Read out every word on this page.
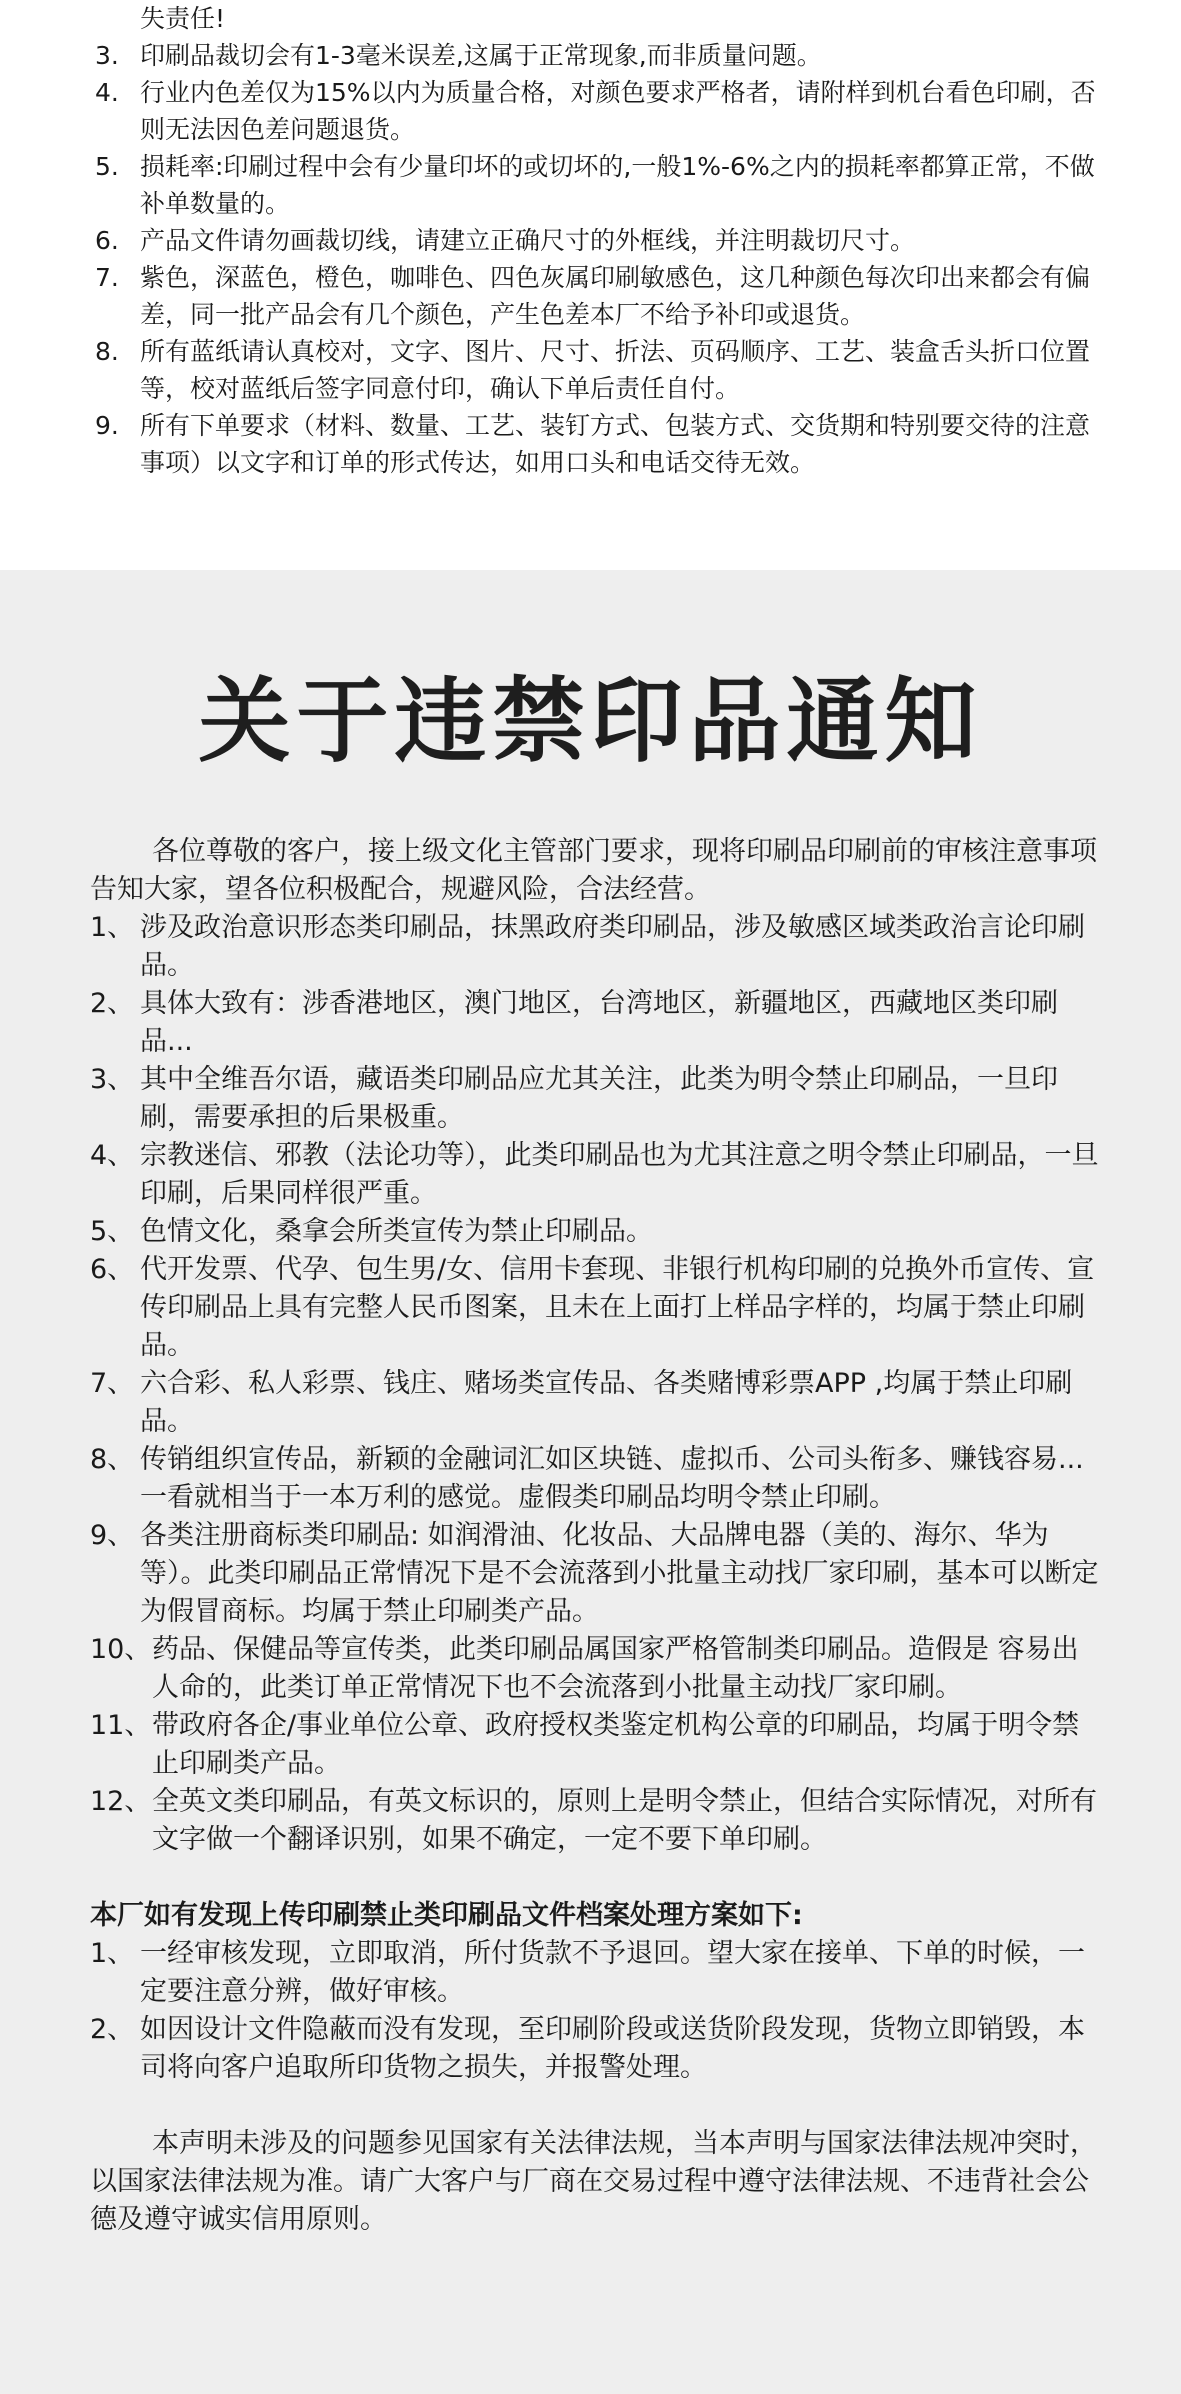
失责任!
3. 印刷品裁切会有1-3毫米误差,这属于正常现象,而非质量问题。
4. 行业内色差仅为15%以内为质量合格，对颜色要求严格者，请附样到机台看色印刷，否则无法因色差问题退货。
5. 损耗率:印刷过程中会有少量印坏的或切坏的,一般1%-6%之内的损耗率都算正常，不做补单数量的。
6. 产品文件请勿画裁切线，请建立正确尺寸的外框线，并注明裁切尺寸。
7. 紫色，深蓝色，橙色，咖啡色、四色灰属印刷敏感色，这几种颜色每次印出来都会有偏差，同一批产品会有几个颜色，产生色差本厂不给予补印或退货。
8. 所有蓝纸请认真校对，文字、图片、尺寸、折法、页码顺序、工艺、装盒舌头折口位置等，校对蓝纸后签字同意付印，确认下单后责任自付。
9. 所有下单要求（材料、数量、工艺、装钉方式、包装方式、交货期和特别要交待的注意事项）以文字和订单的形式传达，如用口头和电话交待无效。
关于违禁印品通知
各位尊敬的客户，接上级文化主管部门要求，现将印刷品印刷前的审核注意事项告知大家，望各位积极配合，规避风险，合法经营。
1、 涉及政治意识形态类印刷品，抹黑政府类印刷品，涉及敏感区域类政治言论印刷品。
2、 具体大致有：涉香港地区，澳门地区，台湾地区，新疆地区，西藏地区类印刷品...
3、 其中全维吾尔语，藏语类印刷品应尤其关注，此类为明令禁止印刷品，一旦印刷，需要承担的后果极重。
4、 宗教迷信、邪教（法论功等），此类印刷品也为尤其注意之明令禁止印刷品，一旦印刷，后果同样很严重。
5、 色情文化，桑拿会所类宣传为禁止印刷品。
6、 代开发票、代孕、包生男/女、信用卡套现、非银行机构印刷的兑换外币宣传、宣传印刷品上具有完整人民币图案，且未在上面打上样品字样的，均属于禁止印刷品。
7、 六合彩、私人彩票、钱庄、赌场类宣传品、各类赌博彩票APP ,均属于禁止印刷品。
8、 传销组织宣传品，新颖的金融词汇如区块链、虚拟币、公司头衔多、赚钱容易...一看就相当于一本万利的感觉。虚假类印刷品均明令禁止印刷。
9、 各类注册商标类印刷品: 如润滑油、化妆品、大品牌电器（美的、海尔、华为等）。此类印刷品正常情况下是不会流落到小批量主动找厂家印刷，基本可以断定为假冒商标。均属于禁止印刷类产品。
10、 药品、保健品等宣传类，此类印刷品属国家严格管制类印刷品。造假是 容易出人命的，此类订单正常情况下也不会流落到小批量主动找厂家印刷。
11、 带政府各企/事业单位公章、政府授权类鉴定机构公章的印刷品，均属于明令禁止印刷类产品。
12、 全英文类印刷品，有英文标识的，原则上是明令禁止，但结合实际情况，对所有文字做一个翻译识别，如果不确定，一定不要下单印刷。
本厂如有发现上传印刷禁止类印刷品文件档案处理方案如下:
1、 一经审核发现，立即取消，所付货款不予退回。望大家在接单、下单的时候，一定要注意分辨，做好审核。
2、 如因设计文件隐蔽而没有发现，至印刷阶段或送货阶段发现，货物立即销毁，本司将向客户追取所印货物之损失，并报警处理。
本声明未涉及的问题参见国家有关法律法规，当本声明与国家法律法规冲突时，以国家法律法规为准。请广大客户与厂商在交易过程中遵守法律法规、不违背社会公德及遵守诚实信用原则。
